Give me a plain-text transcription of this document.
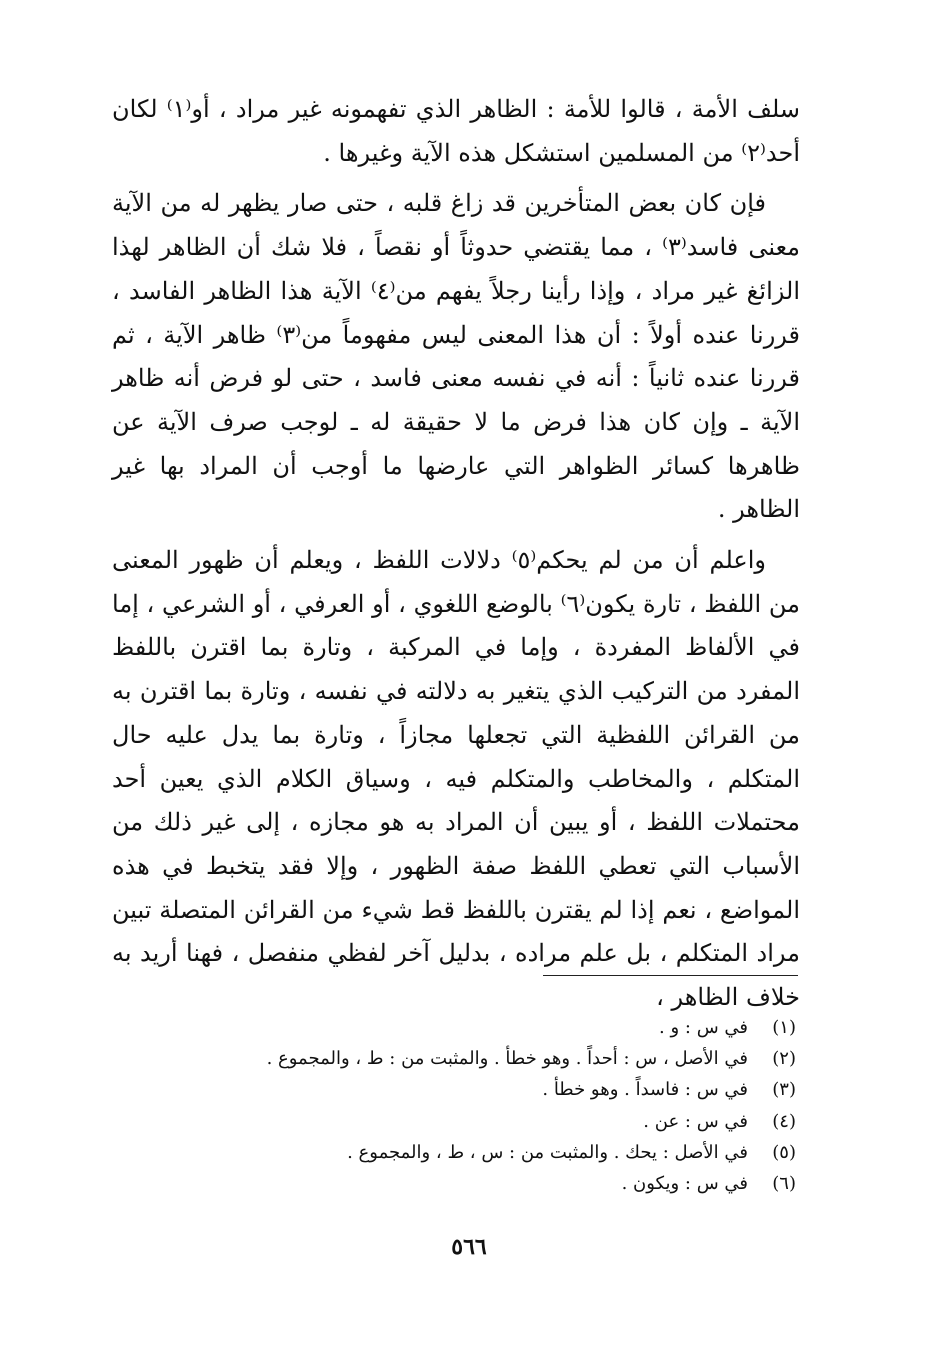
سلف الأمة ، قالوا للأمة : الظاهر الذي تفهمونه غير مراد ، أو⁽١⁾ لكان أحد⁽٢⁾ من المسلمين استشكل هذه الآية وغيرها .

فإن كان بعض المتأخرين قد زاغ قلبه ، حتى صار يظهر له من الآية معنى فاسد⁽٣⁾ ، مما يقتضي حدوثاً أو نقصاً ، فلا شك أن الظاهر لهذا الزائغ غير مراد ، وإذا رأينا رجلاً يفهم من⁽٤⁾ الآية هذا الظاهر الفاسد ، قررنا عنده أولاً : أن هذا المعنى ليس مفهوماً من⁽٣⁾ ظاهر الآية ، ثم قررنا عنده ثانياً : أنه في نفسه معنى فاسد ، حتى لو فرض أنه ظاهر الآية ـ وإن كان هذا فرض ما لا حقيقة له ـ لوجب صرف الآية عن ظاهرها كسائر الظواهر التي عارضها ما أوجب أن المراد بها غير الظاهر .

واعلم أن من لم يحكم⁽٥⁾ دلالات اللفظ ، ويعلم أن ظهور المعنى من اللفظ ، تارة يكون⁽٦⁾ بالوضع اللغوي ، أو العرفي ، أو الشرعي ، إما في الألفاظ المفردة ، وإما في المركبة ، وتارة بما اقترن باللفظ المفرد من التركيب الذي يتغير به دلالته في نفسه ، وتارة بما اقترن به من القرائن اللفظية التي تجعلها مجازاً ، وتارة بما يدل عليه حال المتكلم ، والمخاطب والمتكلم فيه ، وسياق الكلام الذي يعين أحد محتملات اللفظ ، أو يبين أن المراد به هو مجازه ، إلى غير ذلك من الأسباب التي تعطي اللفظ صفة الظهور ، وإلا فقد يتخبط في هذه المواضع ، نعم إذا لم يقترن باللفظ قط شيء من القرائن المتصلة تبين مراد المتكلم ، بل علم مراده ، بدليل آخر لفظي منفصل ، فهنا أريد به خلاف الظاهر ،

(١)
في س : و .
(٢)
في الأصل ، س : أحداً . وهو خطأ . والمثبت من : ط ، والمجموع .
(٣)
في س : فاسداً . وهو خطأ .
(٤)
في س : عن .
(٥)
في الأصل : يحك . والمثبت من : س ، ط ، والمجموع .
(٦)
في س : ويكون .
٥٦٦
